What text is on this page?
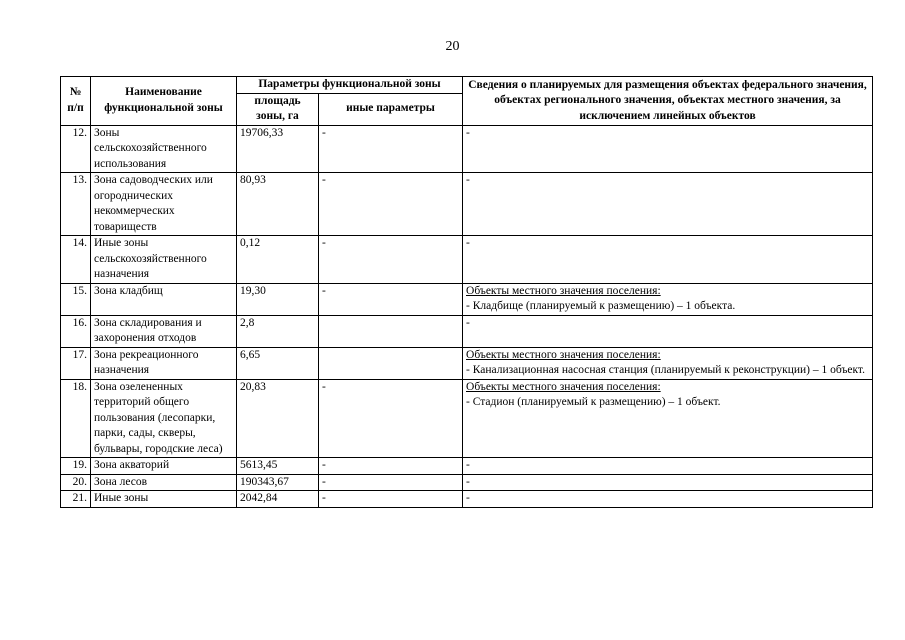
20
№ п/п	Наименование функциональной зоны	Параметры функциональной зоны		Сведения о планируемых для размещения объектах федерального значения, объектах регионального значения, объектах местного значения, за исключением линейных объектов
		площадь зоны, га	иные параметры	
12.	Зоны сельскохозяйственного использования	19706,33	-	-

13.	Зона садоводческих или огороднических некоммерческих товариществ	80,93	-	-

14.	Иные зоны сельскохозяйственного назначения	0,12	-	-

15.	Зона кладбищ	19,30	-	Объекты местного значения поселения:
- Кладбище (планируемый к размещению) – 1 объекта.

16.	Зона складирования и захоронения отходов	2,8		-

17.	Зона рекреационного назначения	6,65		Объекты местного значения поселения:
- Канализационная насосная станция (планируемый к реконструкции) – 1 объект.

18.	Зона озелененных территорий общего пользования (лесопарки, парки, сады, скверы, бульвары, городские леса)	20,83	-	Объекты местного значения поселения:
- Стадион (планируемый к размещению) – 1 объект.

19.	Зона акваторий	5613,45	-	-

20.	Зона лесов	190343,67	-	-

21.	Иные зоны	2042,84	-	-
